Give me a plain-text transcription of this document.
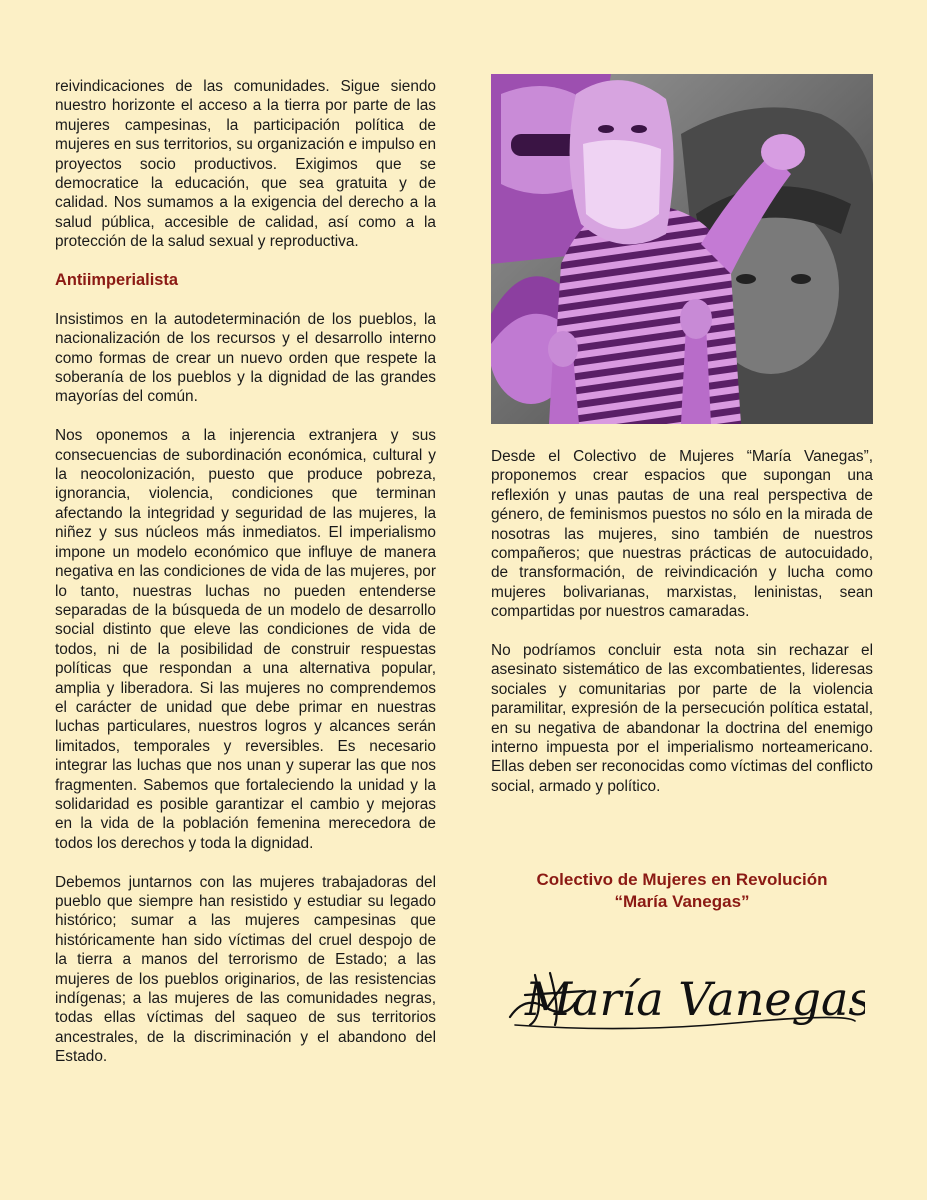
reivindicaciones de las comunidades. Sigue siendo nuestro horizonte el acceso a la tierra por parte de las mujeres campesinas, la participación política de mujeres en sus territorios, su organización e impulso en proyectos socio productivos. Exigimos que se democratice la educación, que sea gratuita y de calidad. Nos sumamos a la exigencia del derecho a la salud pública, accesible de calidad, así como a la protección de la salud sexual y reproductiva.

Antiimperialista

Insistimos en la autodeterminación de los pueblos, la nacionalización de los recursos y el desarrollo interno como formas de crear un nuevo orden que respete la soberanía de los pueblos y la dignidad de las grandes mayorías del común.

Nos oponemos a la injerencia extranjera y sus consecuencias de subordinación económica, cultural y la neocolonización, puesto que produce pobreza, ignorancia, violencia, condiciones que terminan afectando la integridad y seguridad de las mujeres, la niñez y sus núcleos más inmediatos. El imperialismo impone un modelo económico que influye de manera negativa en las condiciones de vida de las mujeres, por lo tanto, nuestras luchas no pueden entenderse separadas de la búsqueda de un modelo de desarrollo social distinto que eleve las condiciones de vida de todos, ni de la posibilidad de construir respuestas políticas que respondan a una alternativa popular, amplia y liberadora. Si las mujeres no comprendemos el carácter de unidad que debe primar en nuestras luchas particulares, nuestros logros y alcances serán limitados, temporales y reversibles. Es necesario integrar las luchas que nos unan y superar las que nos fragmenten. Sabemos que fortaleciendo la unidad y la solidaridad es posible garantizar el cambio y mejoras en la vida de la población femenina merecedora de todos los derechos y toda la dignidad.

Debemos juntarnos con las mujeres trabajadoras del pueblo que siempre han resistido y estudiar su legado histórico; sumar a las mujeres campesinas que históricamente han sido víctimas del cruel despojo de la tierra a manos del terrorismo de Estado; a las mujeres de los pueblos originarios, de las resistencias indígenas; a las mujeres de las comunidades negras, todas ellas víctimas del saqueo de sus territorios ancestrales, de la discriminación y el abandono del Estado.

Desde el Colectivo de Mujeres “María Vanegas”, proponemos crear espacios que supongan una reflexión y unas pautas de una real perspectiva de género, de feminismos puestos no sólo en la mirada de nosotras las mujeres, sino también de nuestros compañeros; que nuestras prácticas de autocuidado, de transformación, de reivindicación y lucha como mujeres bolivarianas, marxistas, leninistas, sean compartidas por nuestros camaradas.

No podríamos concluir esta nota sin rechazar el asesinato sistemático de las excombatientes, lideresas sociales y comunitarias por parte de la violencia paramilitar, expresión de la persecución política estatal, en su negativa de abandonar la doctrina del enemigo interno impuesta por el imperialismo norteamericano. Ellas deben ser reconocidas como víctimas del conflicto social, armado y político.

Colectivo de Mujeres en Revolución
“María Vanegas”
María Vanegas
